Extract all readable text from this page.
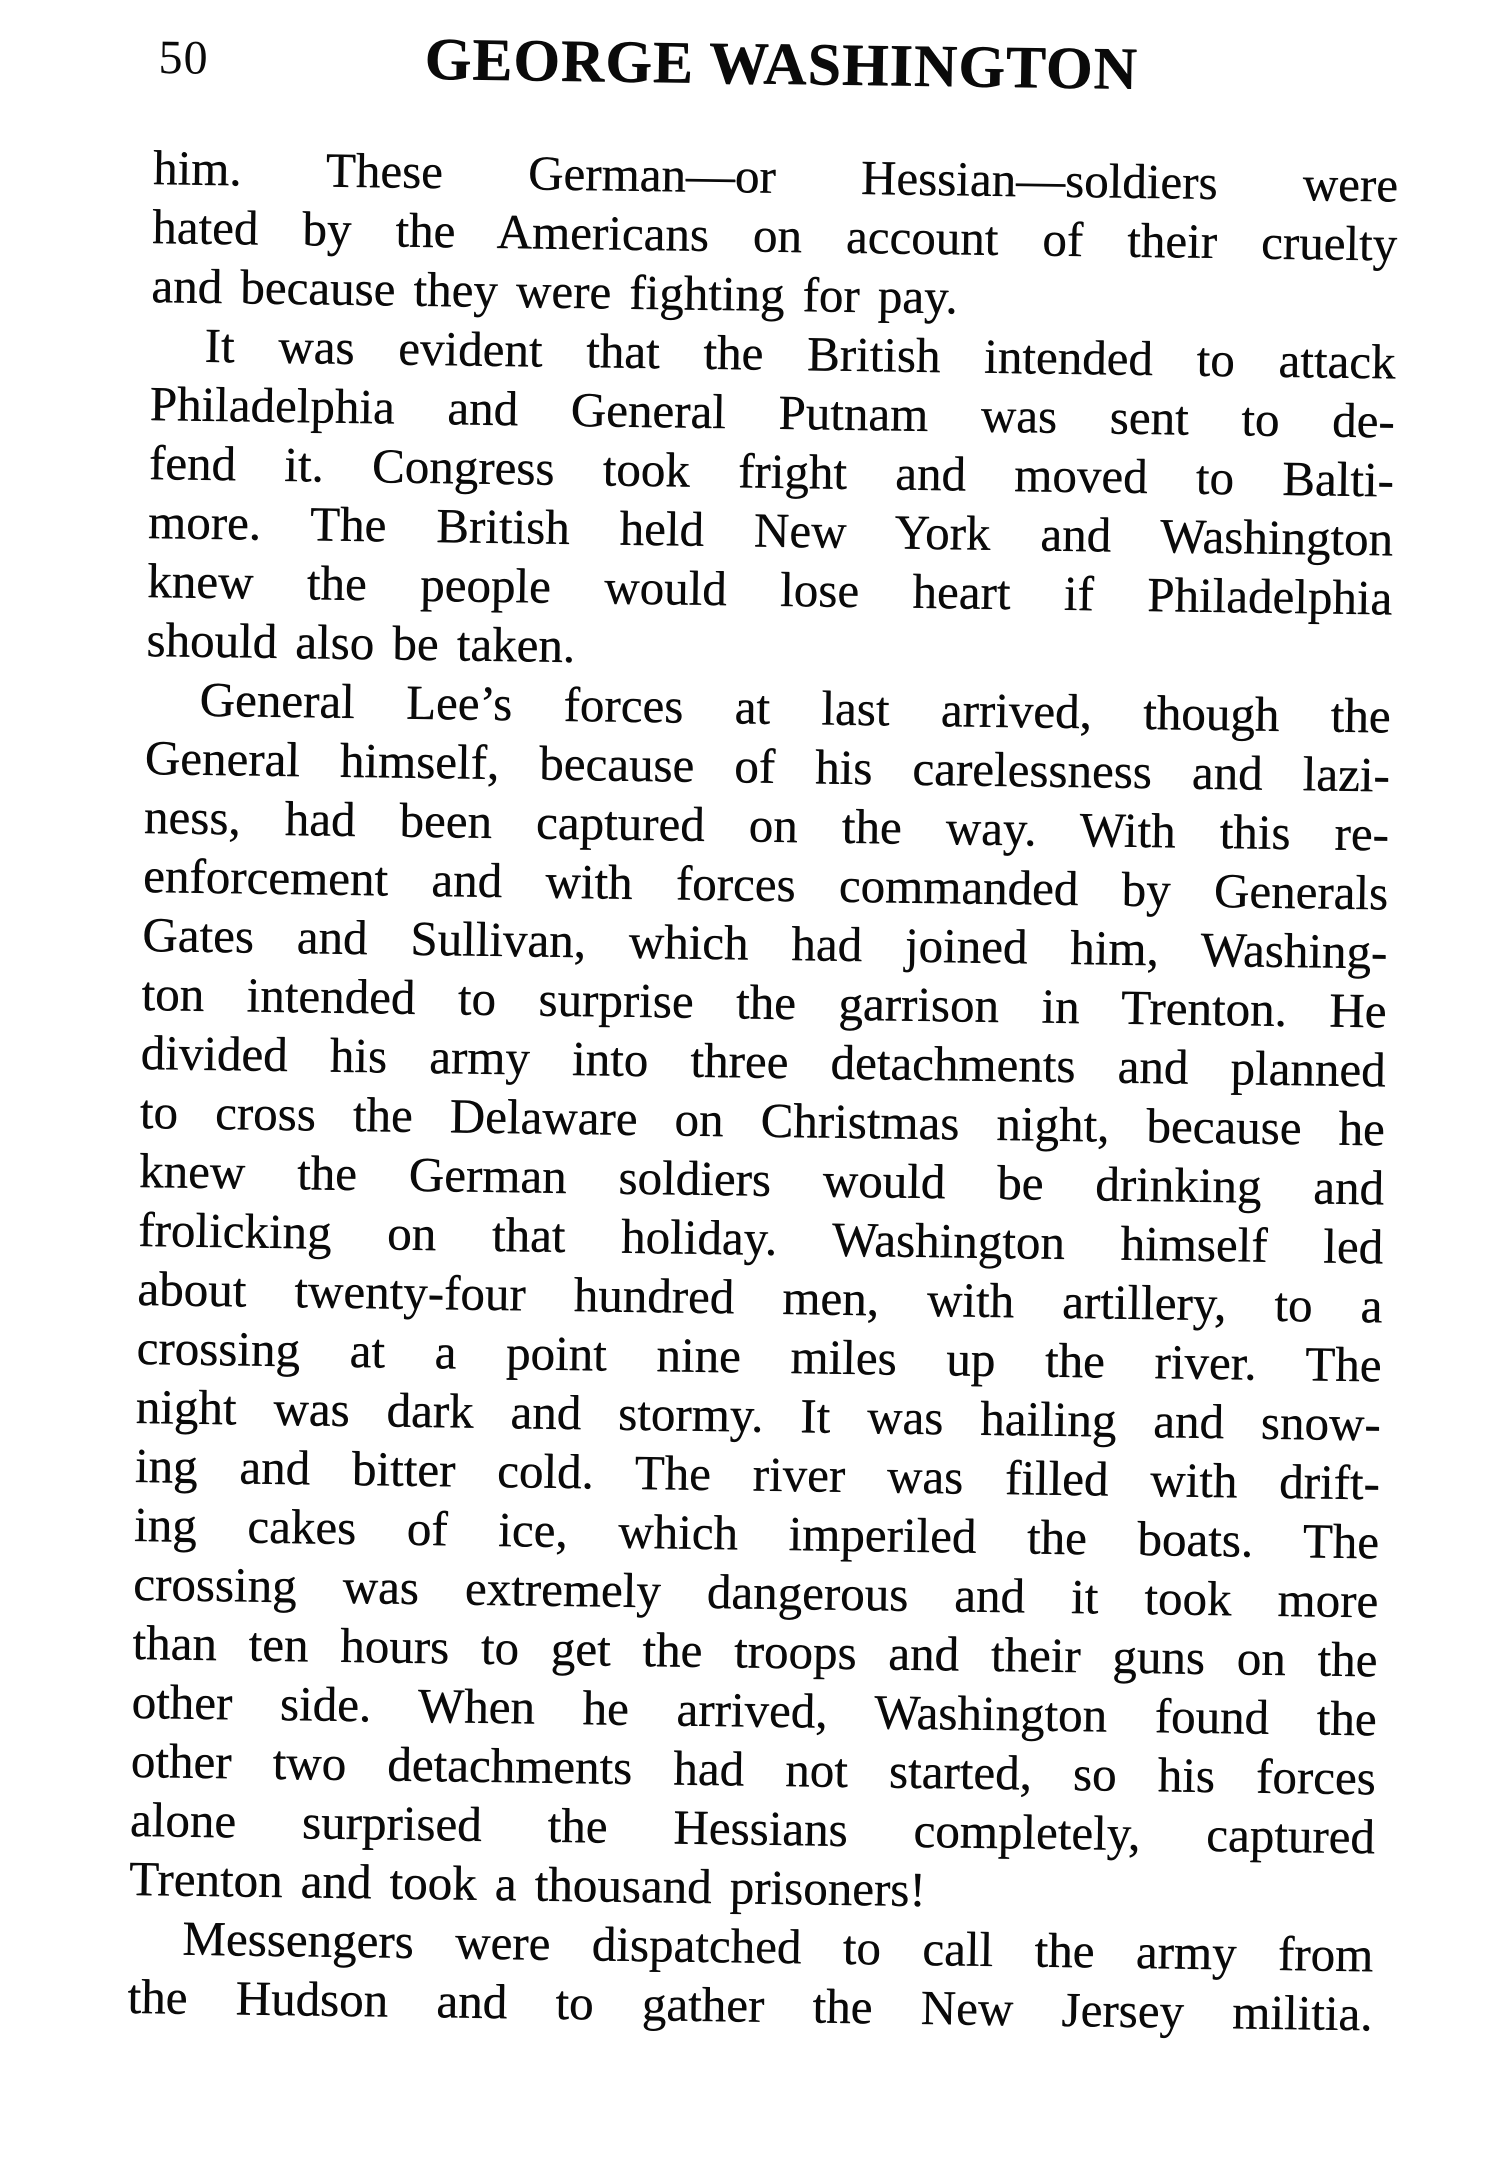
50	GEORGE WASHINGTON

him. These German—or Hessian—soldiers were

hated by the Americans on account of their cruelty

and because they were fighting for pay.

It was evident that the British intended to attack

Philadelphia and General Putnam was sent to de-

fend it. Congress took fright and moved to Balti-

more. The British held New York and Washington

knew the people would lose heart if Philadelphia

should also be taken.

General Lee’s forces at last arrived, though the

General himself, because of his carelessness and lazi-

ness, had been captured on the way. With this re-

enforcement and with forces commanded by Generals

Gates and Sullivan, which had joined him, Washing-

ton intended to surprise the garrison in Trenton. He

divided his army into three detachments and planned

to cross the Delaware on Christmas night, because he

knew the German soldiers would be drinking and

frolicking on that holiday. Washington himself led

about twenty-four hundred men, with artillery, to a

crossing at a point nine miles up the river. The

night was dark and stormy. It was hailing and snow-

ing and bitter cold. The river was filled with drift-

ing cakes of ice, which imperiled the boats. The

crossing was extremely dangerous and it took more

than ten hours to get the troops and their guns on the

other side. When he arrived, Washington found the

other two detachments had not started, so his forces

alone surprised the Hessians completely, captured

Trenton and took a thousand prisoners!

Messengers were dispatched to call the army from

the Hudson and to gather the New Jersey militia.
